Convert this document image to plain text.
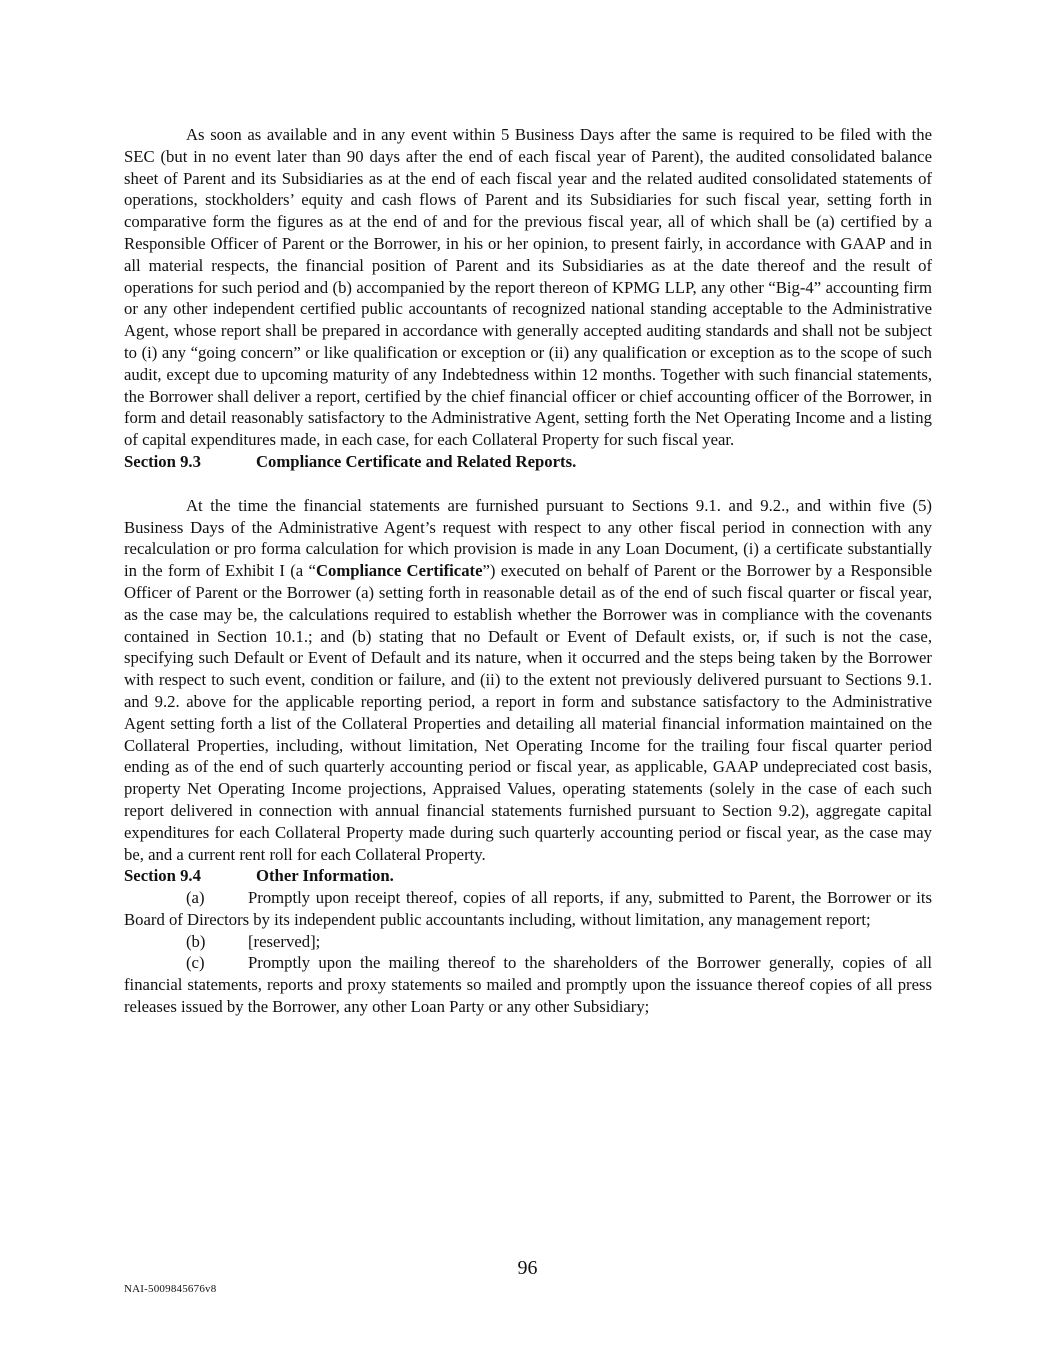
As soon as available and in any event within 5 Business Days after the same is required to be filed with the SEC (but in no event later than 90 days after the end of each fiscal year of Parent), the audited consolidated balance sheet of Parent and its Subsidiaries as at the end of each fiscal year and the related audited consolidated statements of operations, stockholders’ equity and cash flows of Parent and its Subsidiaries for such fiscal year, setting forth in comparative form the figures as at the end of and for the previous fiscal year, all of which shall be (a) certified by a Responsible Officer of Parent or the Borrower, in his or her opinion, to present fairly, in accordance with GAAP and in all material respects, the financial position of Parent and its Subsidiaries as at the date thereof and the result of operations for such period and (b) accompanied by the report thereon of KPMG LLP, any other “Big-4” accounting firm or any other independent certified public accountants of recognized national standing acceptable to the Administrative Agent, whose report shall be prepared in accordance with generally accepted auditing standards and shall not be subject to (i) any “going concern” or like qualification or exception or (ii) any qualification or exception as to the scope of such audit, except due to upcoming maturity of any Indebtedness within 12 months. Together with such financial statements, the Borrower shall deliver a report, certified by the chief financial officer or chief accounting officer of the Borrower, in form and detail reasonably satisfactory to the Administrative Agent, setting forth the Net Operating Income and a listing of capital expenditures made, in each case, for each Collateral Property for such fiscal year.

Section 9.3	Compliance Certificate and Related Reports.

At the time the financial statements are furnished pursuant to Sections 9.1. and 9.2., and within five (5) Business Days of the Administrative Agent’s request with respect to any other fiscal period in connection with any recalculation or pro forma calculation for which provision is made in any Loan Document, (i) a certificate substantially in the form of Exhibit I (a “Compliance Certificate”) executed on behalf of Parent or the Borrower by a Responsible Officer of Parent or the Borrower (a) setting forth in reasonable detail as of the end of such fiscal quarter or fiscal year, as the case may be, the calculations required to establish whether the Borrower was in compliance with the covenants contained in Section 10.1.; and (b) stating that no Default or Event of Default exists, or, if such is not the case, specifying such Default or Event of Default and its nature, when it occurred and the steps being taken by the Borrower with respect to such event, condition or failure, and (ii) to the extent not previously delivered pursuant to Sections 9.1. and 9.2. above for the applicable reporting period, a report in form and substance satisfactory to the Administrative Agent setting forth a list of the Collateral Properties and detailing all material financial information maintained on the Collateral Properties, including, without limitation, Net Operating Income for the trailing four fiscal quarter period ending as of the end of such quarterly accounting period or fiscal year, as applicable, GAAP undepreciated cost basis, property Net Operating Income projections, Appraised Values, operating statements (solely in the case of each such report delivered in connection with annual financial statements furnished pursuant to Section 9.2), aggregate capital expenditures for each Collateral Property made during such quarterly accounting period or fiscal year, as the case may be, and a current rent roll for each Collateral Property.

Section 9.4	Other Information.

(a)	Promptly upon receipt thereof, copies of all reports, if any, submitted to Parent, the Borrower or its Board of Directors by its independent public accountants including, without limitation, any management report;

(b)	[reserved];

(c)	Promptly upon the mailing thereof to the shareholders of the Borrower generally, copies of all financial statements, reports and proxy statements so mailed and promptly upon the issuance thereof copies of all press releases issued by the Borrower, any other Loan Party or any other Subsidiary;

96
NAI-5009845676v8
